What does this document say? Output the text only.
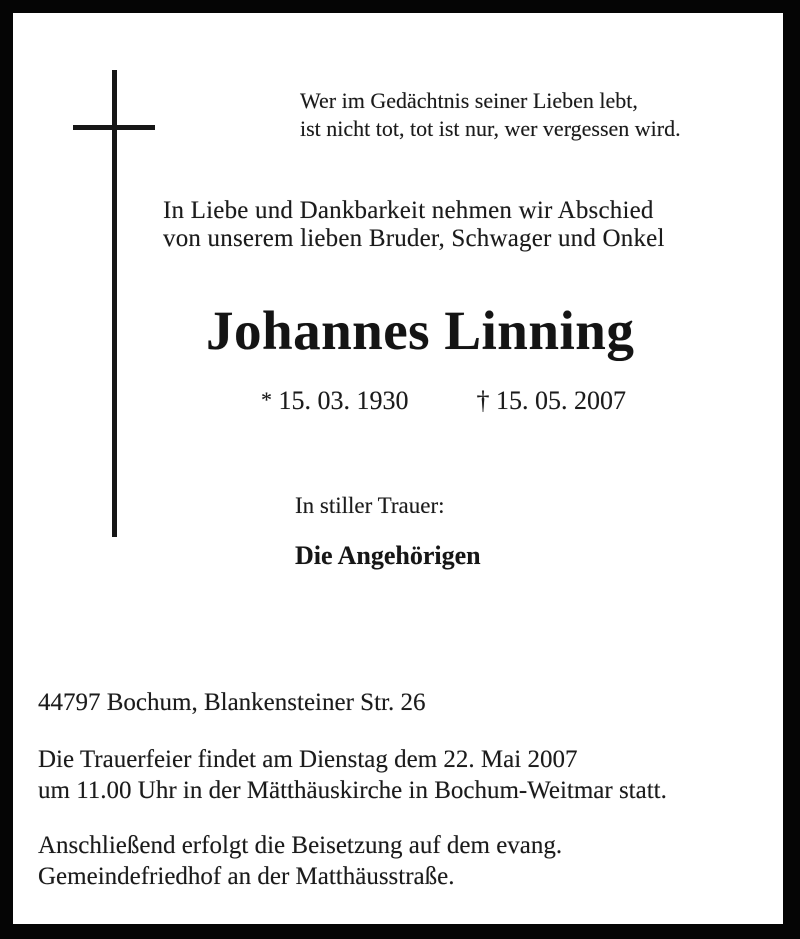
Wer im Gedächtnis seiner Lieben lebt,
ist nicht tot, tot ist nur, wer vergessen wird.
In Liebe und Dankbarkeit nehmen wir Abschied
von unserem lieben Bruder, Schwager und Onkel
Johannes Linning
* 15. 03. 1930	† 15. 05. 2007
In stiller Trauer:
Die Angehörigen
44797 Bochum, Blankensteiner Str. 26
Die Trauerfeier findet am Dienstag dem 22. Mai 2007
um 11.00 Uhr in der Mätthäuskirche in Bochum-Weitmar statt.
Anschließend erfolgt die Beisetzung auf dem evang.
Gemeindefriedhof an der Matthäusstraße.
